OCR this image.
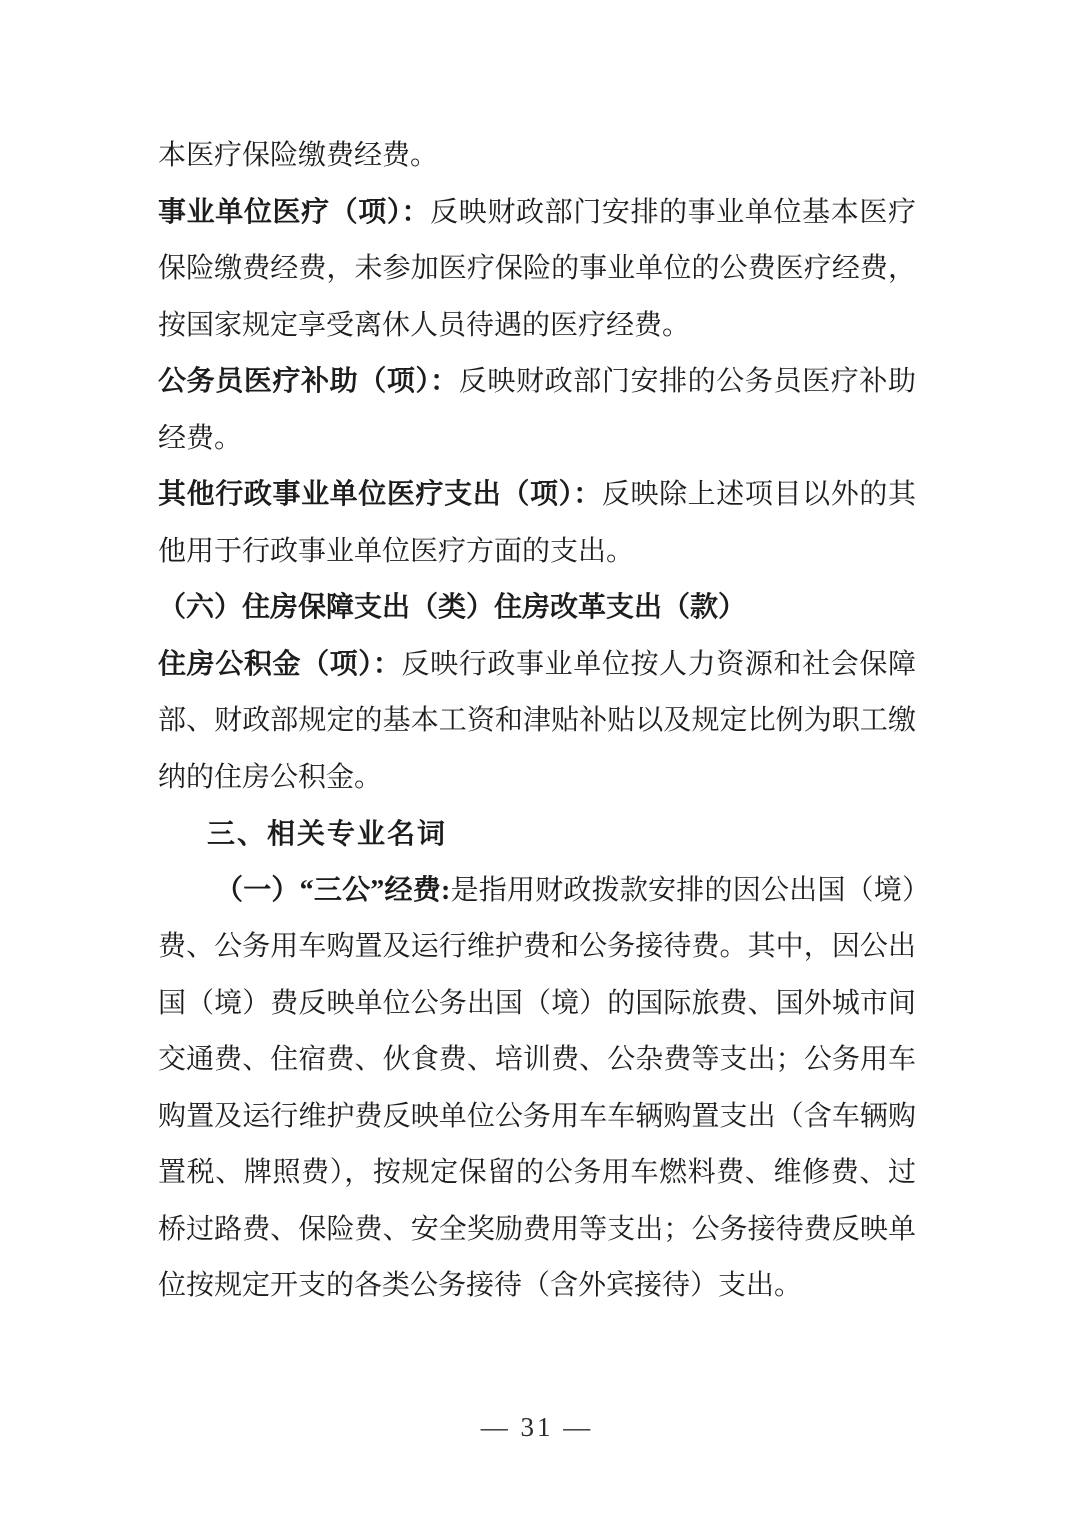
本医疗保险缴费经费。

事业单位医疗（项）：反映财政部门安排的事业单位基本医疗保险缴费经费，未参加医疗保险的事业单位的公费医疗经费，按国家规定享受离休人员待遇的医疗经费。

公务员医疗补助（项）：反映财政部门安排的公务员医疗补助经费。

其他行政事业单位医疗支出（项）：反映除上述项目以外的其他用于行政事业单位医疗方面的支出。

（六）住房保障支出（类）住房改革支出（款）

住房公积金（项）：反映行政事业单位按人力资源和社会保障部、财政部规定的基本工资和津贴补贴以及规定比例为职工缴纳的住房公积金。

三、相关专业名词

（一）“三公”经费:是指用财政拨款安排的因公出国（境）费、公务用车购置及运行维护费和公务接待费。其中，因公出国（境）费反映单位公务出国（境）的国际旅费、国外城市间交通费、住宿费、伙食费、培训费、公杂费等支出；公务用车购置及运行维护费反映单位公务用车车辆购置支出（含车辆购置税、牌照费），按规定保留的公务用车燃料费、维修费、过桥过路费、保险费、安全奖励费用等支出；公务接待费反映单位按规定开支的各类公务接待（含外宾接待）支出。

— 31 —
